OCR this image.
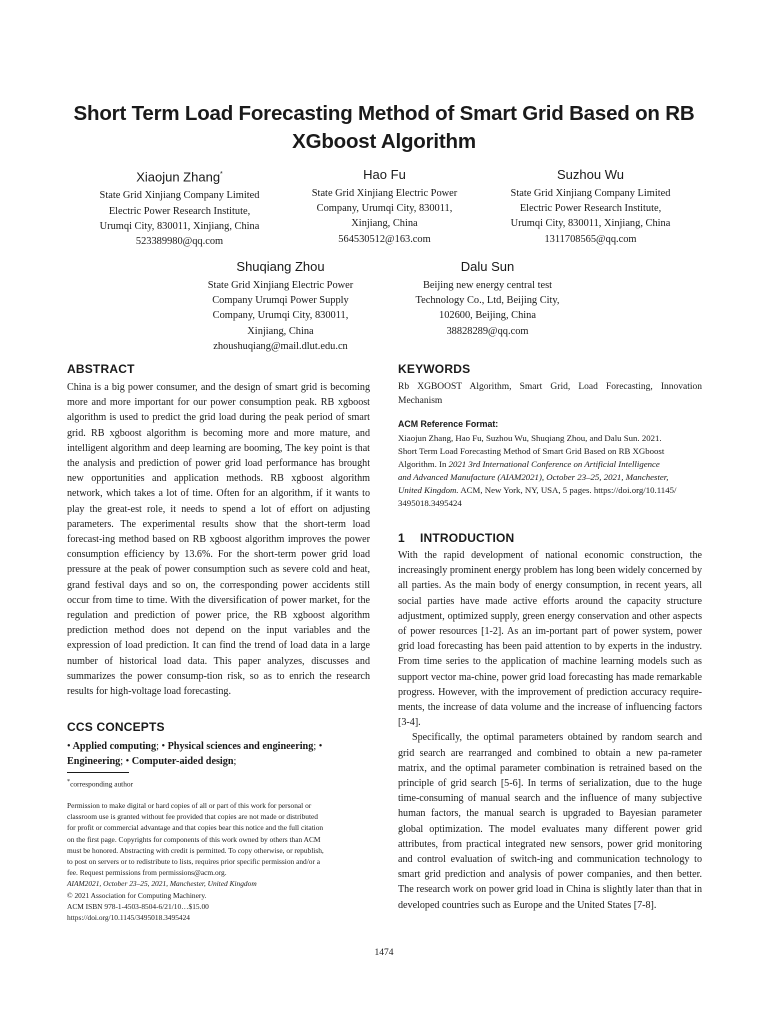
Short Term Load Forecasting Method of Smart Grid Based on RB
XGboost Algorithm
Xiaojun Zhang*
State Grid Xinjiang Company Limited
Electric Power Research Institute,
Urumqi City, 830011, Xinjiang, China
523389980@qq.com
Hao Fu
State Grid Xinjiang Electric Power
Company, Urumqi City, 830011,
Xinjiang, China
564530512@163.com
Suzhou Wu
State Grid Xinjiang Company Limited
Electric Power Research Institute,
Urumqi City, 830011, Xinjiang, China
1311708565@qq.com
Shuqiang Zhou
State Grid Xinjiang Electric Power
Company Urumqi Power Supply
Company, Urumqi City, 830011,
Xinjiang, China
zhoushuqiang@mail.dlut.edu.cn
Dalu Sun
Beijing new energy central test
Technology Co., Ltd, Beijing City,
102600, Beijing, China
38828289@qq.com
ABSTRACT

China is a big power consumer, and the design of smart grid is becoming more and more important for our power consumption peak. RB xgboost algorithm is used to predict the grid load during the peak period of smart grid. RB xgboost algorithm is becoming more and more mature, and intelligent algorithm and deep learning are booming, The key point is that the analysis and prediction of power grid load performance has brought new opportunities and application methods. RB xgboost algorithm network, which takes a lot of time. Often for an algorithm, if it wants to play the great-est role, it needs to spend a lot of effort on adjusting parameters. The experimental results show that the short-term load forecast-ing method based on RB xgboost algorithm improves the power consumption efficiency by 13.6%. For the short-term power grid load pressure at the peak of power consumption such as severe cold and heat, grand festival days and so on, the corresponding power accidents still occur from time to time. With the diversification of power market, for the regulation and prediction of power price, the RB xgboost algorithm prediction method does not depend on the input variables and the expression of load prediction. It can find the trend of load data in a large number of historical load data. This paper analyzes, discusses and summarizes the power consump-tion risk, so as to enrich the research results for high-voltage load forecasting.

CCS CONCEPTS

• Applied computing; • Physical sciences and engineering; • Engineering; • Computer-aided design;

*corresponding author

Permission to make digital or hard copies of all or part of this work for personal or
classroom use is granted without fee provided that copies are not made or distributed
for profit or commercial advantage and that copies bear this notice and the full citation
on the first page. Copyrights for components of this work owned by others than ACM
must be honored. Abstracting with credit is permitted. To copy otherwise, or republish,
to post on servers or to redistribute to lists, requires prior specific permission and/or a
fee. Request permissions from permissions@acm.org.
AIAM2021, October 23–25, 2021, Manchester, United Kingdom
© 2021 Association for Computing Machinery.
ACM ISBN 978-1-4503-8504-6/21/10…$15.00
https://doi.org/10.1145/3495018.3495424

KEYWORDS

Rb XGBOOST Algorithm, Smart Grid, Load Forecasting, Innovation Mechanism

ACM Reference Format:

Xiaojun Zhang, Hao Fu, Suzhou Wu, Shuqiang Zhou, and Dalu Sun. 2021.
Short Term Load Forecasting Method of Smart Grid Based on RB XGboost
Algorithm. In 2021 3rd International Conference on Artificial Intelligence
and Advanced Manufacture (AIAM2021), October 23–25, 2021, Manchester,
United Kingdom. ACM, New York, NY, USA, 5 pages. https://doi.org/10.1145/
3495018.3495424

1 INTRODUCTION

With the rapid development of national economic construction, the increasingly prominent energy problem has long been widely concerned by all parties. As the main body of energy consumption, in recent years, all social parties have made active efforts around the capacity structure adjustment, optimized supply, green energy conservation and other aspects of power resources [1-2]. As an im-portant part of power system, power grid load forecasting has been paid attention to by experts in the industry. From time series to the application of machine learning models such as support vector ma-chine, power grid load forecasting has made remarkable progress. However, with the improvement of prediction accuracy require-ments, the increase of data volume and the increase of influencing factors [3-4].

Specifically, the optimal parameters obtained by random search and grid search are rearranged and combined to obtain a new pa-rameter matrix, and the optimal parameter combination is retrained based on the principle of grid search [5-6]. In terms of serialization, due to the huge time-consuming of manual search and the influence of many subjective human factors, the manual search is upgraded to Bayesian parameter global optimization. The model evaluates many different power grid attributes, from practical integrated new sensors, power grid monitoring and control evaluation of switch-ing and communication technology to smart grid prediction and analysis of power companies, and then better. The research work on power grid load in China is slightly later than that in developed countries such as Europe and the United States [7-8].

1474
